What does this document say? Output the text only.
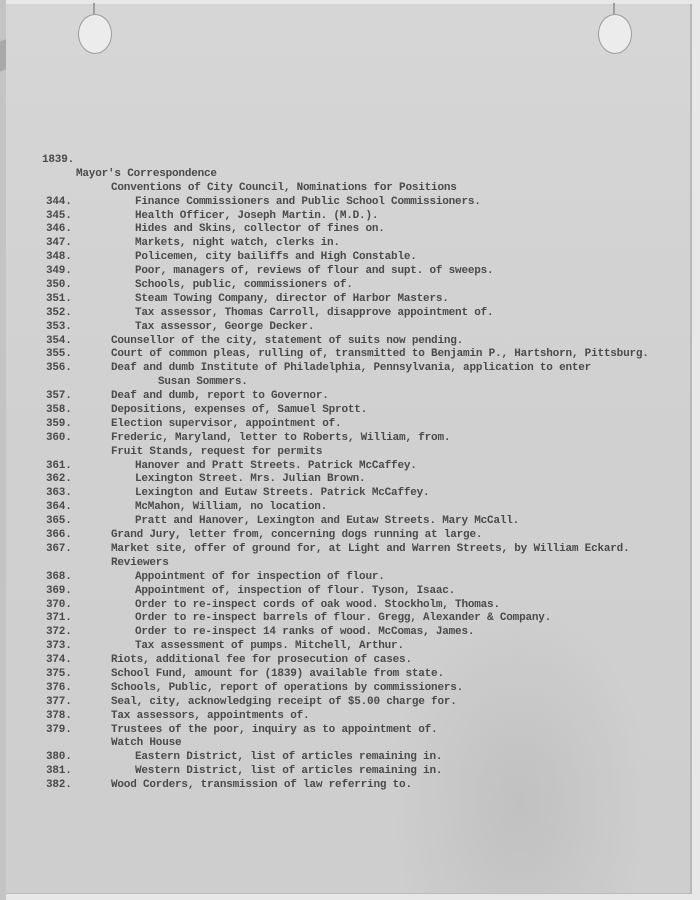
1839.
Mayor's Correspondence
Conventions of City Council, Nominations for Positions
344.	Finance Commissioners and Public School Commissioners.
345.	Health Officer, Joseph Martin. (M.D.).
346.	Hides and Skins, collector of fines on.
347.	Markets, night watch, clerks in.
348.	Policemen, city bailiffs and High Constable.
349.	Poor, managers of, reviews of flour and supt. of sweeps.
350.	Schools, public, commissioners of.
351.	Steam Towing Company, director of Harbor Masters.
352.	Tax assessor, Thomas Carroll, disapprove appointment of.
353.	Tax assessor, George Decker.
354.	Counsellor of the city, statement of suits now pending.
355.	Court of common pleas, rulling of, transmitted to Benjamin P., Hartshorn, Pittsburg.
356.	Deaf and dumb Institute of Philadelphia, Pennsylvania, application to enter
Susan Sommers.
357.	Deaf and dumb, report to Governor.
358.	Depositions, expenses of, Samuel Sprott.
359.	Election supervisor, appointment of.
360.	Frederic, Maryland, letter to Roberts, William, from.
Fruit Stands, request for permits
361.	Hanover and Pratt Streets. Patrick McCaffey.
362.	Lexington Street. Mrs. Julian Brown.
363.	Lexington and Eutaw Streets. Patrick McCaffey.
364.	McMahon, William, no location.
365.	Pratt and Hanover, Lexington and Eutaw Streets. Mary McCall.
366.	Grand Jury, letter from, concerning dogs running at large.
367.	Market site, offer of ground for, at Light and Warren Streets, by William Eckard.
Reviewers
368.	Appointment of for inspection of flour.
369.	Appointment of, inspection of flour. Tyson, Isaac.
370.	Order to re-inspect cords of oak wood. Stockholm, Thomas.
371.	Order to re-inspect barrels of flour. Gregg, Alexander & Company.
372.	Order to re-inspect 14 ranks of wood. McComas, James.
373.	Tax assessment of pumps. Mitchell, Arthur.
374.	Riots, additional fee for prosecution of cases.
375.	School Fund, amount for (1839) available from state.
376.	Schools, Public, report of operations by commissioners.
377.	Seal, city, acknowledging receipt of $5.00 charge for.
378.	Tax assessors, appointments of.
379.	Trustees of the poor, inquiry as to appointment of.
Watch House
380.	Eastern District, list of articles remaining in.
381.	Western District, list of articles remaining in.
382.	Wood Corders, transmission of law referring to.
